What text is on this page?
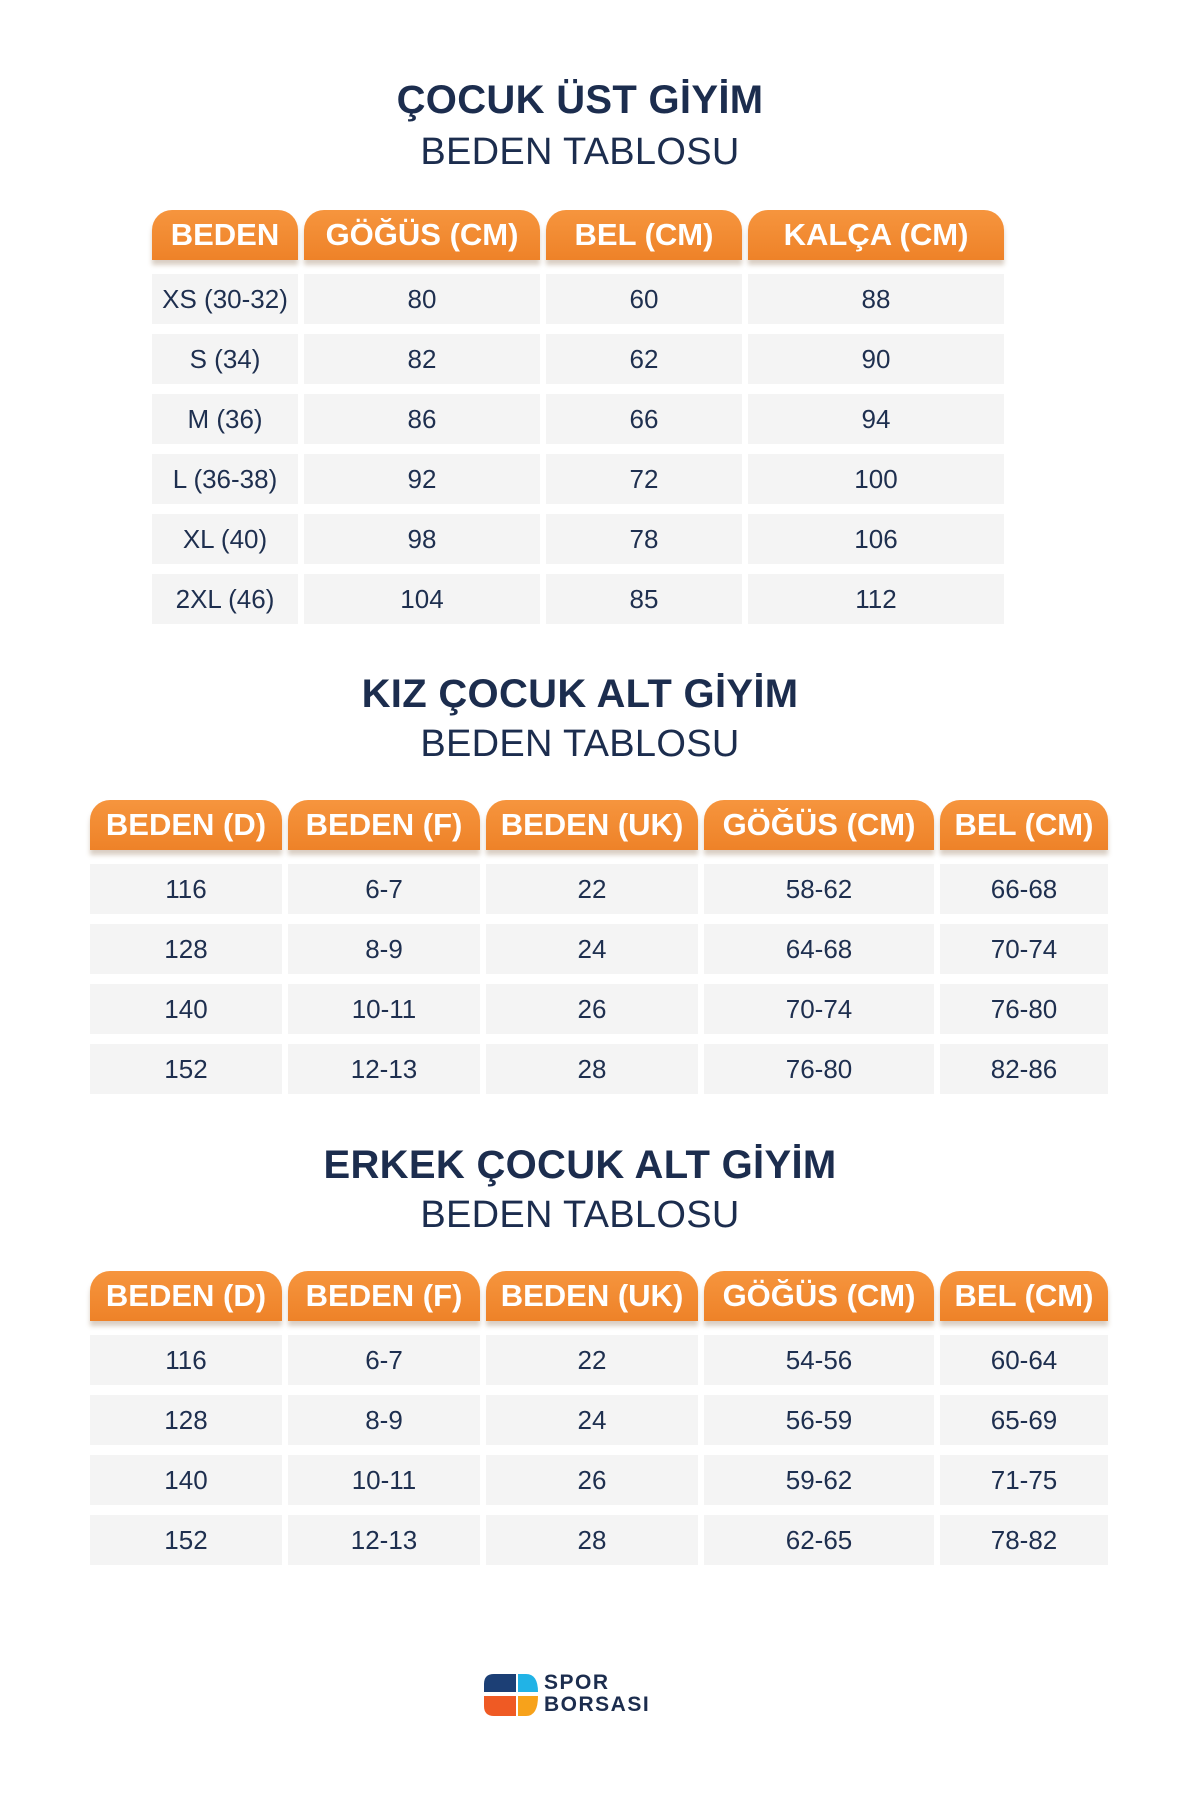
ÇOCUK ÜST GİYİM
BEDEN TABLOSU
BEDEN	GÖĞÜS (CM)	BEL (CM)	KALÇA (CM)
XS (30-32)	80	60	88
S (34)	82	62	90
M (36)	86	66	94
L (36-38)	92	72	100
XL (40)	98	78	106
2XL (46)	104	85	112
KIZ ÇOCUK ALT GİYİM
BEDEN TABLOSU
BEDEN (D)	BEDEN (F)	BEDEN (UK)	GÖĞÜS (CM)	BEL (CM)
116	6-7	22	58-62	66-68
128	8-9	24	64-68	70-74
140	10-11	26	70-74	76-80
152	12-13	28	76-80	82-86
ERKEK ÇOCUK ALT GİYİM
BEDEN TABLOSU
BEDEN (D)	BEDEN (F)	BEDEN (UK)	GÖĞÜS (CM)	BEL (CM)
116	6-7	22	54-56	60-64
128	8-9	24	56-59	65-69
140	10-11	26	59-62	71-75
152	12-13	28	62-65	78-82
SPOR
BORSASI
